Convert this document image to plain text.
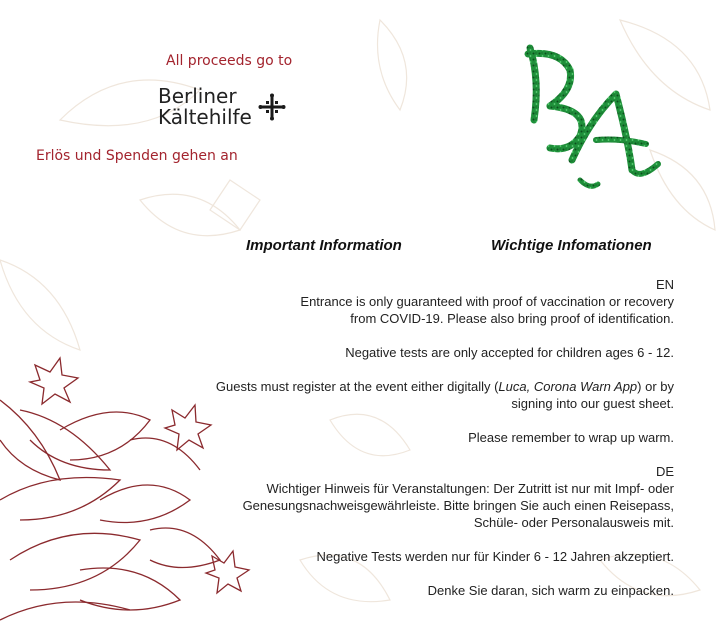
All proceeds go to
Berliner
Kältehilfe
Erlös und Spenden gehen an
Important Information	Wichtige Infomationen

EN

Entrance is only guaranteed with proof of vaccination or recovery

from COVID-19. Please also bring proof of identification.

Negative tests are only accepted for children ages 6 - 12.

Guests must register at the event either digitally (Luca, Corona Warn App) or by

signing into our guest sheet.

Please remember to wrap up warm.

DE

Wichtiger Hinweis für Veranstaltungen: Der Zutritt ist nur mit Impf- oder

Genesungsnachweisgewährleiste. Bitte bringen Sie auch einen Reisepass,

Schüle- oder Personalausweis mit.

Negative Tests werden nur für Kinder 6 - 12 Jahren akzeptiert.

Denke Sie daran, sich warm zu einpacken.
